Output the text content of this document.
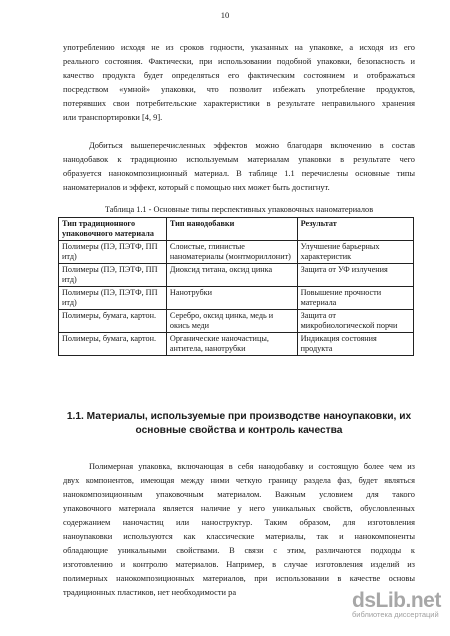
10
употреблению исходя не из сроков годности, указанных на упаковке, а исходя из его
реального состояния. Фактически, при использовании подобной упаковки, безопасность и
качество продукта будет определяться его фактическим состоянием и отображаться
посредством «умной» упаковки, что позволит избежать употребление продуктов,
потерявших свои потребительские характеристики в результате неправильного хранения
или транспортировки [4, 9].
Добиться вышеперечисленных эффектов можно благодаря включению в состав
нанодобавок к традиционно используемым материалам упаковки в результате чего
образуется нанокомпозиционный материал. В таблице 1.1 перечислены основные типы
наноматериалов и эффект, который с помощью них может быть достигнут.
Таблица 1.1 - Основные типы перспективных упаковочных наноматериалов
Тип традиционного упаковочного материала	Тип нанодобавки	Результат
Полимеры (ПЭ, ПЭТФ, ПП итд)	Слоистые, глинистые наноматериалы (монтмориллонит)	Улучшение барьерных характеристик
Полимеры (ПЭ, ПЭТФ, ПП итд)	Диоксид титана, оксид цинка	Защита от УФ излучения
Полимеры (ПЭ, ПЭТФ, ПП итд)	Нанотрубки	Повышение прочности материала
Полимеры, бумага, картон.	Серебро, оксид цинка, медь и окись меди	Защита от микробиологической порчи
Полимеры, бумага, картон.	Органические наночастицы, антитела, нанотрубки	Индикация состояния продукта
1.1. Материалы, используемые при производстве наноупаковки, их основные свойства и контроль качества
Полимерная упаковка, включающая в себя нанодобавку и состоящую более чем из
двух компонентов, имеющая между ними четкую границу раздела фаз, будет являться
нанокомпозиционным упаковочным материалом. Важным условием для такого
упаковочного материала является наличие у него уникальных свойств, обусловленных
содержанием наночастиц или наноструктур. Таким образом, для изготовления
наноупаковки используются как классические материалы, так и нанокомпоненты
обладающие уникальными свойствами. В связи с этим, различаются подходы к
изготовлению и контролю материалов. Например, в случае изготовления изделий из
полимерных нанокомпозиционных материалов, при использовании в качестве основы
традиционных пластиков, нет необходимости ра	dsLib.net
библиотека диссертаций
